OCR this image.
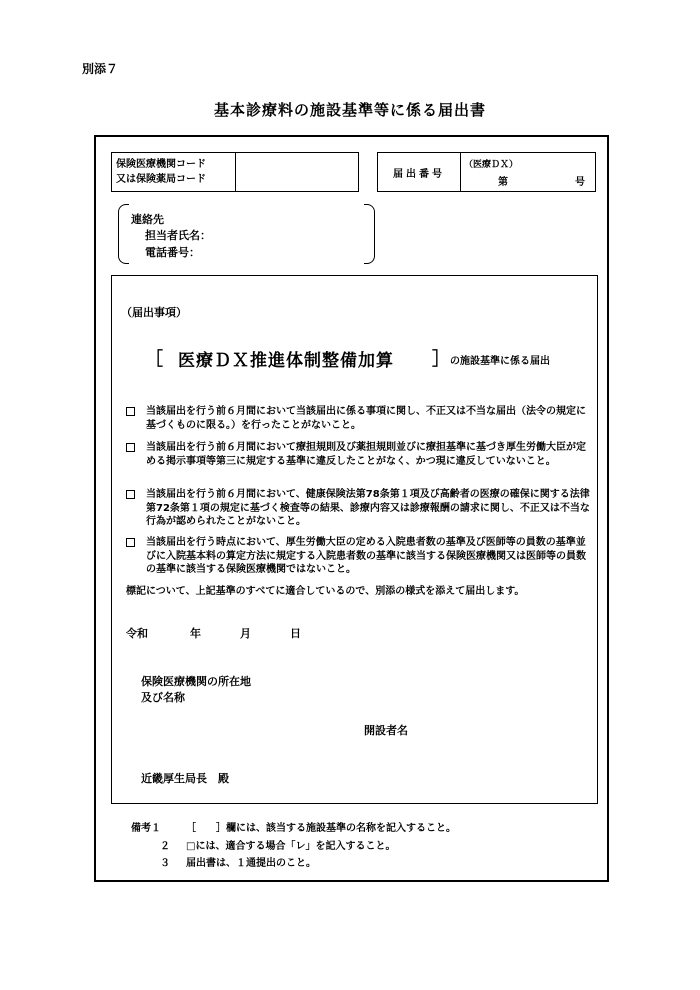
別添７
基本診療料の施設基準等に係る届出書
保険医療機関コード
又は保険薬局コード	届出番号
（医療ＤＸ）
第	号
連絡先
担当者氏名：
電話番号：
（届出事項）
［ 医療ＤＸ推進体制整備加算 ］ の施設基準に係る届出
当該届出を行う前６月間において当該届出に係る事項に関し、不正又は不当な届出（法令の規定に基づくものに限る。）を行ったことがないこと。
当該届出を行う前６月間において療担規則及び薬担規則並びに療担基準に基づき厚生労働大臣が定める掲示事項等第三に規定する基準に違反したことがなく、かつ現に違反していないこと。
当該届出を行う前６月間において、健康保険法第78条第１項及び高齢者の医療の確保に関する法律第72条第１項の規定に基づく検査等の結果、診療内容又は診療報酬の請求に関し、不正又は不当な行為が認められたことがないこと。
当該届出を行う時点において、厚生労働大臣の定める入院患者数の基準及び医師等の員数の基準並びに入院基本料の算定方法に規定する入院患者数の基準に該当する保険医療機関又は医師等の員数の基準に該当する保険医療機関ではないこと。
標記について、上記基準のすべてに適合しているので、別添の様式を添えて届出します。
令和	年	月	日
保険医療機関の所在地
及び名称
開設者名
近畿厚生局長　殿
備考１	［　　］欄には、該当する施設基準の名称を記入すること。
２ □には、適合する場合「レ」を記入すること。
３ 届出書は、１通提出のこと。
